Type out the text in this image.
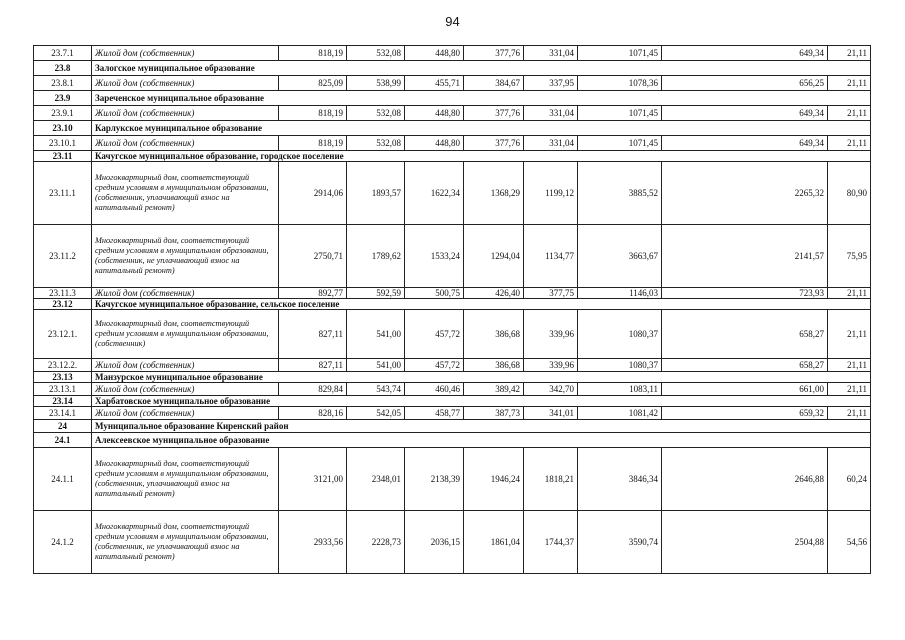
94
23.7.1	Жилой дом (собственник)	818,19	532,08	448,80	377,76	331,04	1071,45	649,34	21,11
23.8	Залогское муниципальное образование								
23.8.1	Жилой дом (собственник)	825,09	538,99	455,71	384,67	337,95	1078,36	656,25	21,11
23.9	Зареченское муниципальное образование								
23.9.1	Жилой дом (собственник)	818,19	532,08	448,80	377,76	331,04	1071,45	649,34	21,11
23.10	Карлукское муниципальное образование								
23.10.1	Жилой дом (собственник)	818,19	532,08	448,80	377,76	331,04	1071,45	649,34	21,11
23.11	Качугское муниципальное образование, городское поселение								
23.11.1	Многоквартирный дом, соответствующий средним условиям в муниципальном образовании, (собственник, уплачивающий взнос на капитальный ремонт)	2914,06	1893,57	1622,34	1368,29	1199,12	3885,52	2265,32	80,90
23.11.2	Многоквартирный дом, соответствующий средним условиям в муниципальном образовании, (собственник, не уплачивающий взнос на капитальный ремонт)	2750,71	1789,62	1533,24	1294,04	1134,77	3663,67	2141,57	75,95
23.11.3	Жилой дом (собственник)	892,77	592,59	500,75	426,40	377,75	1146,03	723,93	21,11
23.12	Качугское муниципальное образование, сельское поселение								
23.12.1.	Многоквартирный дом, соответствующий средним условиям в муниципальном образовании, (собственник)	827,11	541,00	457,72	386,68	339,96	1080,37	658,27	21,11
23.12.2.	Жилой дом (собственник)	827,11	541,00	457,72	386,68	339,96	1080,37	658,27	21,11
23.13	Манзурское муниципальное образование								
23.13.1	Жилой дом (собственник)	829,84	543,74	460,46	389,42	342,70	1083,11	661,00	21,11
23.14	Харбатовское муниципальное образование								
23.14.1	Жилой дом (собственник)	828,16	542,05	458,77	387,73	341,01	1081,42	659,32	21,11
24	Муниципальное образование Киренский район								
24.1	Алексеевское муниципальное образование								
24.1.1	Многоквартирный дом, соответствующий средним условиям в муниципальном образовании, (собственник, уплачивающий взнос на капитальный ремонт)	3121,00	2348,01	2138,39	1946,24	1818,21	3846,34	2646,88	60,24
24.1.2	Многоквартирный дом, соответствующий средним условиям в муниципальном образовании, (собственник, не уплачивающий взнос на капитальный ремонт)	2933,56	2228,73	2036,15	1861,04	1744,37	3590,74	2504,88	54,56
